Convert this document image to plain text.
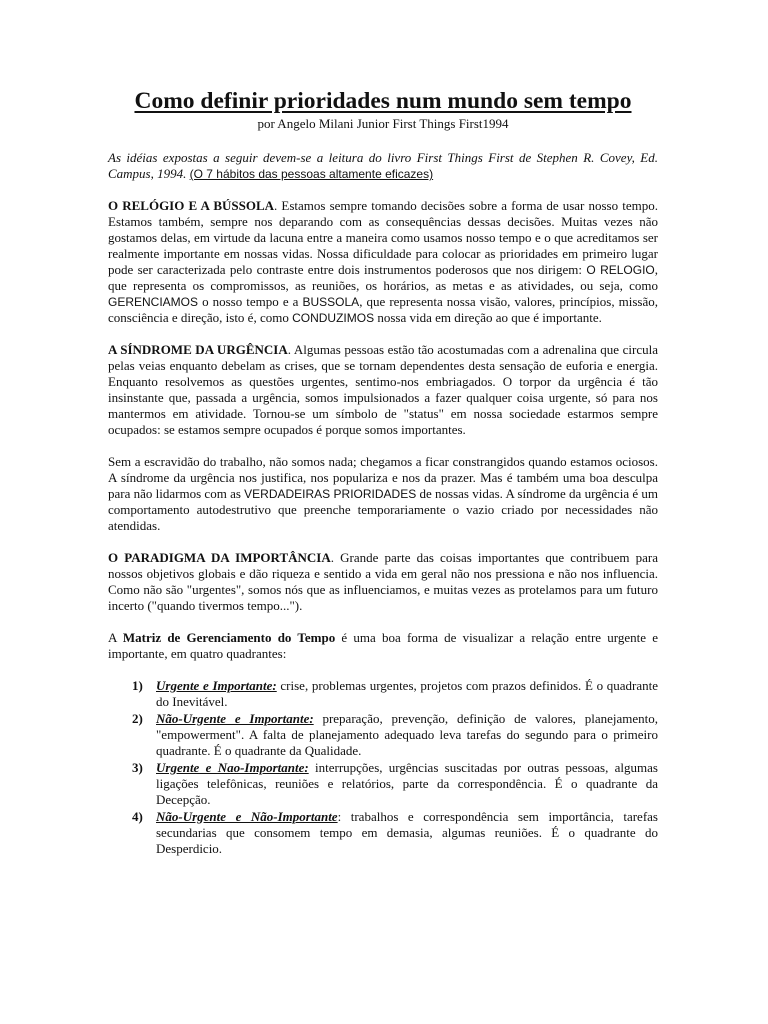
Como definir prioridades num mundo sem tempo
por Angelo Milani Junior First Things First1994

As idéias expostas a seguir devem-se a leitura do livro First Things First de Stephen R. Covey, Ed. Campus, 1994. (O 7 hábitos das pessoas altamente eficazes)

O RELÓGIO E A BÚSSOLA. Estamos sempre tomando decisões sobre a forma de usar nosso tempo. Estamos também, sempre nos deparando com as consequências dessas decisões. Muitas vezes não gostamos delas, em virtude da lacuna entre a maneira como usamos nosso tempo e o que acreditamos ser realmente importante em nossas vidas. Nossa dificuldade para colocar as prioridades em primeiro lugar pode ser caracterizada pelo contraste entre dois instrumentos poderosos que nos dirigem: O RELOGIO, que representa os compromissos, as reuniões, os horários, as metas e as atividades, ou seja, como GERENCIAMOS o nosso tempo e a BUSSOLA, que representa nossa visão, valores, princípios, missão, consciência e direção, isto é, como CONDUZIMOS nossa vida em direção ao que é importante.

A SÍNDROME DA URGÊNCIA. Algumas pessoas estão tão acostumadas com a adrenalina que circula pelas veias enquanto debelam as crises, que se tornam dependentes desta sensação de euforia e energia. Enquanto resolvemos as questões urgentes, sentimo-nos embriagados. O torpor da urgência é tão insinstante que, passada a urgência, somos impulsionados a fazer qualquer coisa urgente, só para nos mantermos em atividade. Tornou-se um símbolo de "status" em nossa sociedade estarmos sempre ocupados: se estamos sempre ocupados é porque somos importantes.

Sem a escravidão do trabalho, não somos nada; chegamos a ficar constrangidos quando estamos ociosos. A síndrome da urgência nos justifica, nos populariza e nos da prazer. Mas é também uma boa desculpa para não lidarmos com as VERDADEIRAS PRIORIDADES de nossas vidas. A síndrome da urgência é um comportamento autodestrutivo que preenche temporariamente o vazio criado por necessidades não atendidas.

O PARADIGMA DA IMPORTÂNCIA. Grande parte das coisas importantes que contribuem para nossos objetivos globais e dão riqueza e sentido a vida em geral não nos pressiona e não nos influencia. Como não são "urgentes", somos nós que as influenciamos, e muitas vezes as protelamos para um futuro incerto ("quando tivermos tempo...").

A Matriz de Gerenciamento do Tempo é uma boa forma de visualizar a relação entre urgente e importante, em quatro quadrantes:

1) Urgente e Importante: crise, problemas urgentes, projetos com prazos definidos. É o quadrante do Inevitável.
2) Não-Urgente e Importante: preparação, prevenção, definição de valores, planejamento, "empowerment". A falta de planejamento adequado leva tarefas do segundo para o primeiro quadrante. É o quadrante da Qualidade.
3) Urgente e Nao-Importante: interrupções, urgências suscitadas por outras pessoas, algumas ligações telefônicas, reuniões e relatórios, parte da correspondência. É o quadrante da Decepção.
4) Não-Urgente e Não-Importante: trabalhos e correspondência sem importância, tarefas secundarias que consomem tempo em demasia, algumas reuniões. É o quadrante do Desperdicio.
